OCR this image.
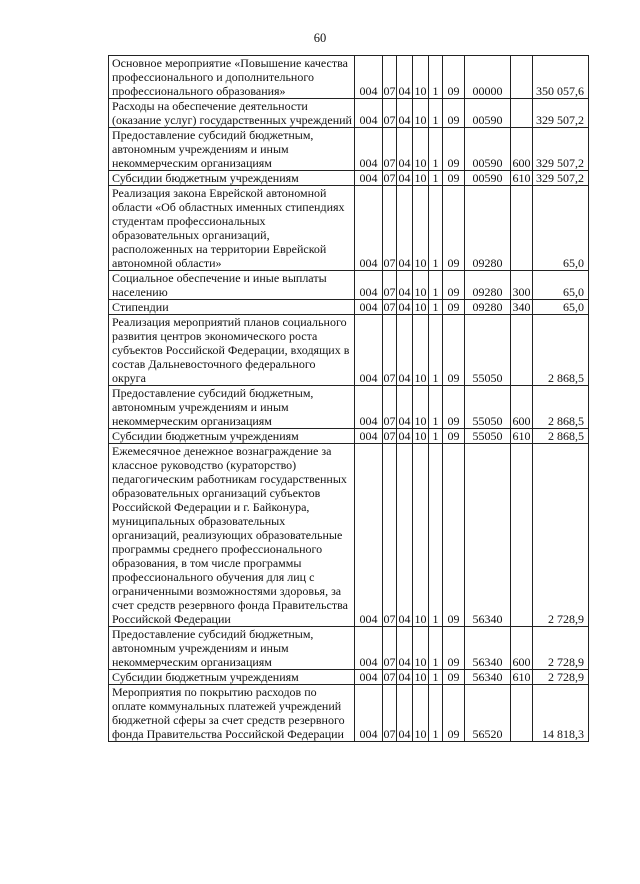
60
Основное мероприятие «Повышение качества профессионального и дополнительного профессионального образования»	004	07	04	10	1	09	00000		350 057,6
Расходы на обеспечение деятельности (оказание услуг) государственных учреждений	004	07	04	10	1	09	00590		329 507,2
Предоставление субсидий бюджетным, автономным учреждениям и иным некоммерческим организациям	004	07	04	10	1	09	00590	600	329 507,2
Субсидии бюджетным учреждениям	004	07	04	10	1	09	00590	610	329 507,2
Реализация закона Еврейской автономной области «Об областных именных стипендиях студентам профессиональных образовательных организаций, расположенных на территории Еврейской автономной области»	004	07	04	10	1	09	09280		65,0
Социальное обеспечение и иные выплаты населению	004	07	04	10	1	09	09280	300	65,0
Стипендии	004	07	04	10	1	09	09280	340	65,0
Реализация мероприятий планов социального развития центров экономического роста субъектов Российской Федерации, входящих в состав Дальневосточного федерального округа	004	07	04	10	1	09	55050		2 868,5
Предоставление субсидий бюджетным, автономным учреждениям и иным некоммерческим организациям	004	07	04	10	1	09	55050	600	2 868,5
Субсидии бюджетным учреждениям	004	07	04	10	1	09	55050	610	2 868,5
Ежемесячное денежное вознаграждение за классное руководство (кураторство) педагогическим работникам государственных образовательных организаций субъектов Российской Федерации и г. Байконура, муниципальных образовательных организаций, реализующих образовательные программы среднего профессионального образования, в том числе программы профессионального обучения для лиц с ограниченными возможностями здоровья, за счет средств резервного фонда Правительства Российской Федерации	004	07	04	10	1	09	56340		2 728,9
Предоставление субсидий бюджетным, автономным учреждениям и иным некоммерческим организациям	004	07	04	10	1	09	56340	600	2 728,9
Субсидии бюджетным учреждениям	004	07	04	10	1	09	56340	610	2 728,9
Мероприятия по покрытию расходов по оплате коммунальных платежей учреждений бюджетной сферы за счет средств резервного фонда Правительства Российской Федерации	004	07	04	10	1	09	56520		14 818,3
